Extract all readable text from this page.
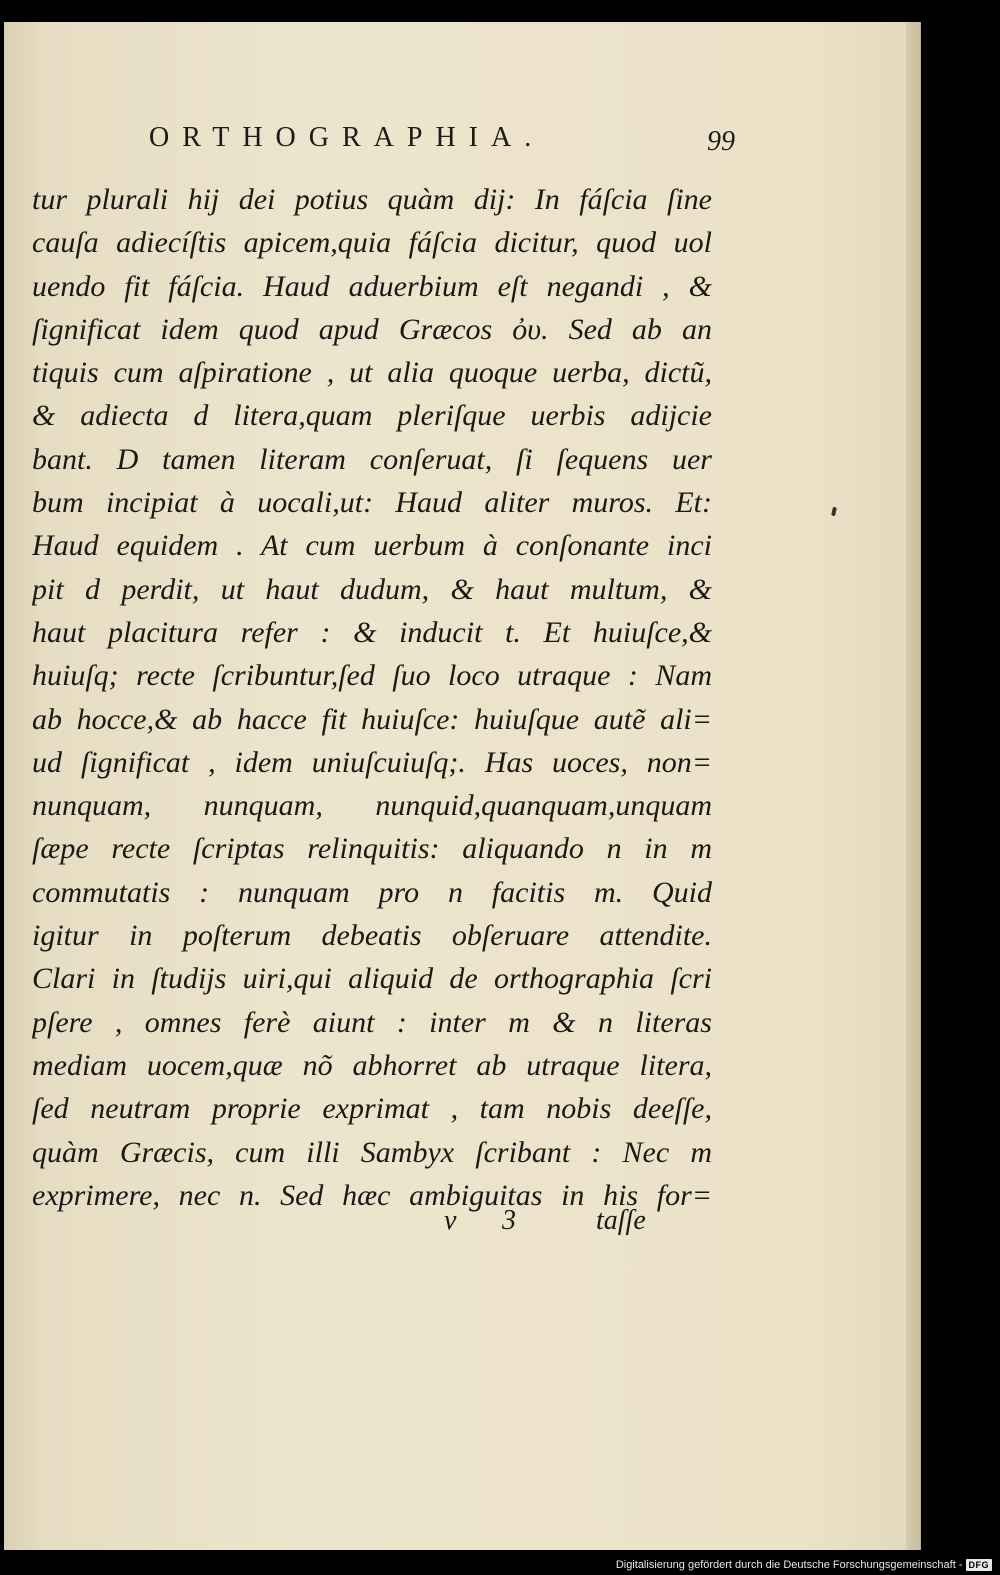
ORTHOGRAPHIA.	99
tur plurali hij dei potius quàm dij: In fáſcia ſine
cauſa adiecíſtis apicem,quia fáſcia dicitur, quod uol
uendo fit fáſcia. Haud aduerbium eſt negandi , &
ſignificat idem quod apud Græcos ὀυ. Sed ab an
tiquis cum aſpiratione , ut alia quoque uerba, dictũ,
& adiecta d litera,quam pleriſque uerbis adijcie
bant. D tamen literam conſeruat, ſi ſequens uer
bum incipiat à uocali,ut: Haud aliter muros. Et:
Haud equidem . At cum uerbum à conſonante inci
pit d perdit, ut haut dudum, & haut multum, &
haut placitura refer : & inducit t. Et huiuſce,&
huiuſq; recte ſcribuntur,ſed ſuo loco utraque : Nam
ab hocce,& ab hacce fit huiuſce: huiuſque autẽ ali=
ud ſignificat , idem uniuſcuiuſq;. Has uoces, non=
nunquam, nunquam, nunquid,quanquam,unquam
ſæpe recte ſcriptas relinquitis: aliquando n in m
commutatis : nunquam pro n facitis m. Quid
igitur in poſterum debeatis obſeruare attendite.
Clari in ſtudijs uiri,qui aliquid de orthographia ſcri
pſere , omnes ferè aiunt : inter m & n literas
mediam uocem,quæ nõ abhorret ab utraque litera,
ſed neutram proprie exprimat , tam nobis deeſſe,
quàm Græcis, cum illi Sambyx ſcribant : Nec m
exprimere, nec n. Sed hæc ambiguitas in his for=
v 3	taſſe
Digitalisierung gefördert durch die Deutsche Forschungsgemeinschaft - DFG
